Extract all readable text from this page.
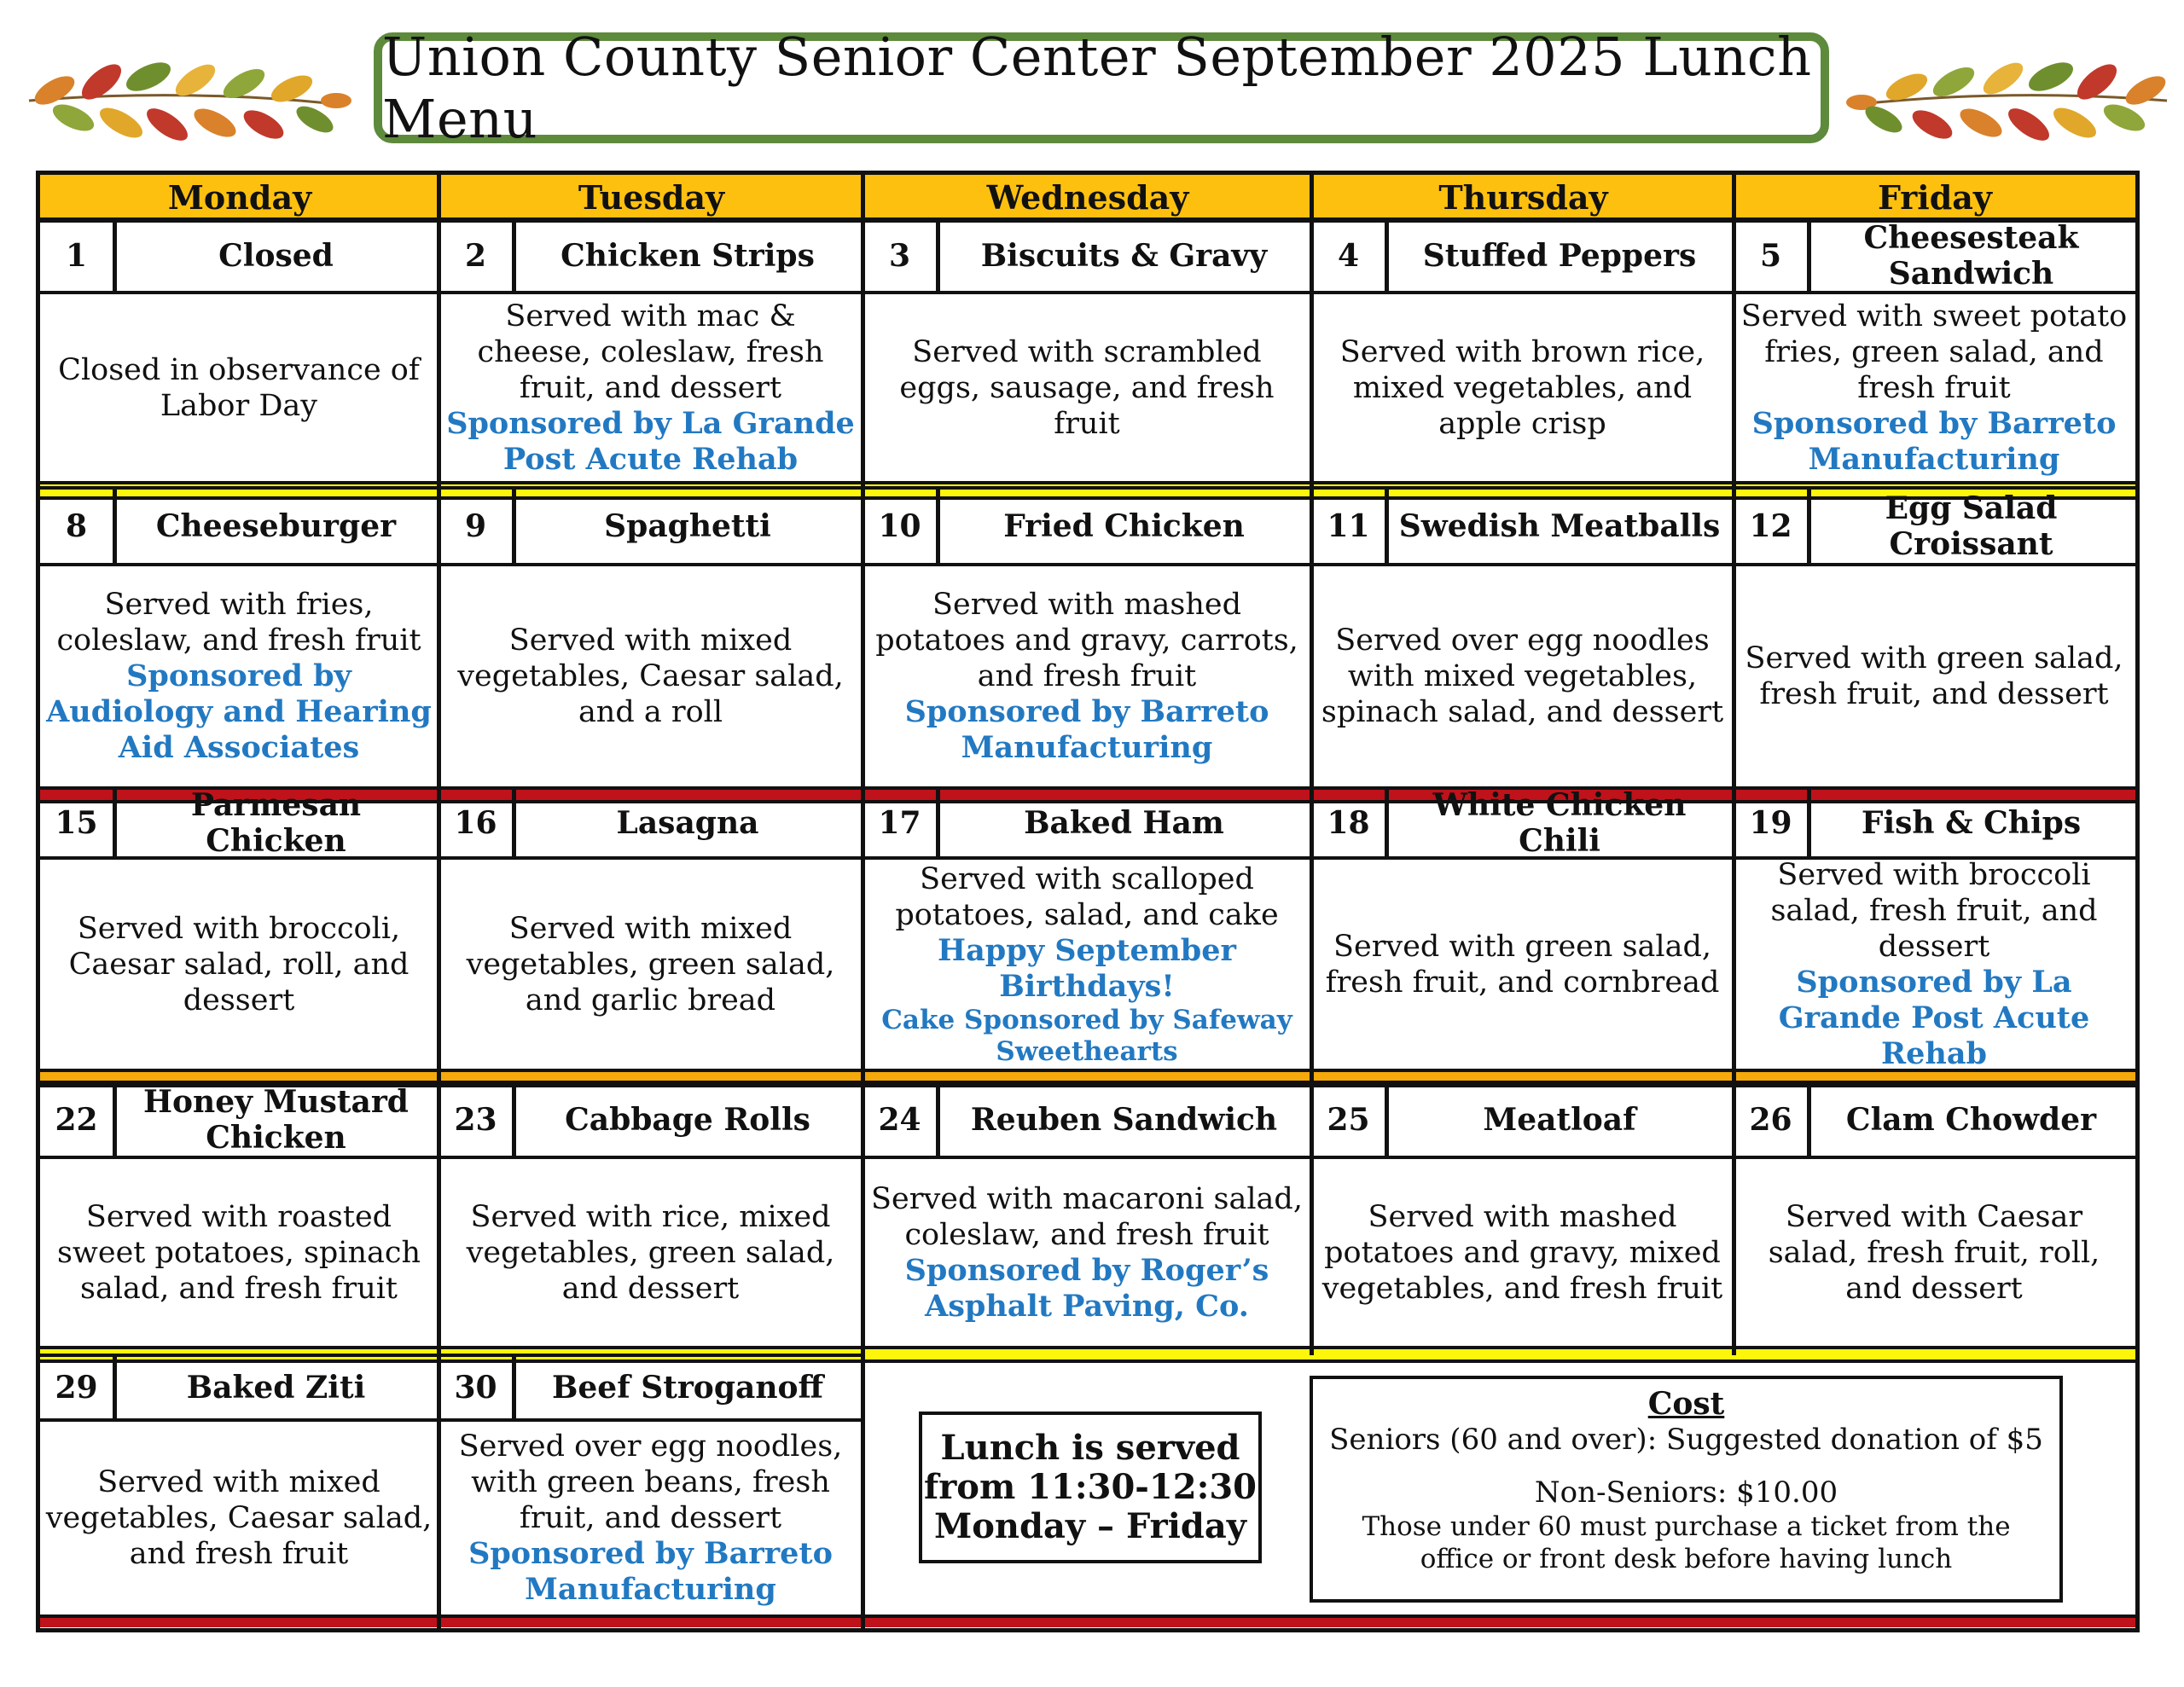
Union County Senior Center September 2025 Lunch Menu
Monday	Tuesday	Wednesday	Thursday	Friday
1	Closed
Closed in observance of Labor Day
2	Chicken Strips
Served with mac & cheese, coleslaw, fresh fruit, and dessert
Sponsored by La Grande Post Acute Rehab
3	Biscuits & Gravy
Served with scrambled eggs, sausage, and fresh fruit
4	Stuffed Peppers
Served with brown rice, mixed vegetables, and apple crisp
5	Cheesesteak Sandwich
Served with sweet potato fries, green salad, and fresh fruit
Sponsored by Barreto Manufacturing
8	Cheeseburger
Served with fries, coleslaw, and fresh fruit
Sponsored by Audiology and Hearing Aid Associates
9	Spaghetti
Served with mixed vegetables, Caesar salad, and a roll
10	Fried Chicken
Served with mashed potatoes and gravy, carrots, and fresh fruit
Sponsored by Barreto Manufacturing
11 Swedish Meatballs
Served over egg noodles with mixed vegetables, spinach salad, and dessert
12	Egg Salad Croissant
Served with green salad, fresh fruit, and dessert
15	Parmesan Chicken
Served with broccoli, Caesar salad, roll, and dessert
16	Lasagna
Served with mixed vegetables, green salad, and garlic bread
17	Baked Ham
Served with scalloped potatoes, salad, and cake
Happy September Birthdays!
Cake Sponsored by Safeway Sweethearts
18	White Chicken Chili
Served with green salad, fresh fruit, and cornbread
19	Fish & Chips
Served with broccoli salad, fresh fruit, and dessert
Sponsored by La Grande Post Acute Rehab
22	Honey Mustard Chicken
Served with roasted sweet potatoes, spinach salad, and fresh fruit
23	Cabbage Rolls
Served with rice, mixed vegetables, green salad, and dessert
24	Reuben Sandwich
Served with macaroni salad, coleslaw, and fresh fruit
Sponsored by Roger’s Asphalt Paving, Co.
25	Meatloaf
Served with mashed potatoes and gravy, mixed vegetables, and fresh fruit
26	Clam Chowder
Served with Caesar salad, fresh fruit, roll, and dessert
29	Baked Ziti
Served with mixed vegetables, Caesar salad, and fresh fruit
30	Beef Stroganoff
Served over egg noodles, with green beans, fresh fruit, and dessert
Sponsored by Barreto Manufacturing
Lunch is served
from 11:30-12:30
Monday – Friday
Cost
Seniors (60 and over): Suggested donation of $5
Non-Seniors: $10.00
Those under 60 must purchase a ticket from the
office or front desk before having lunch
